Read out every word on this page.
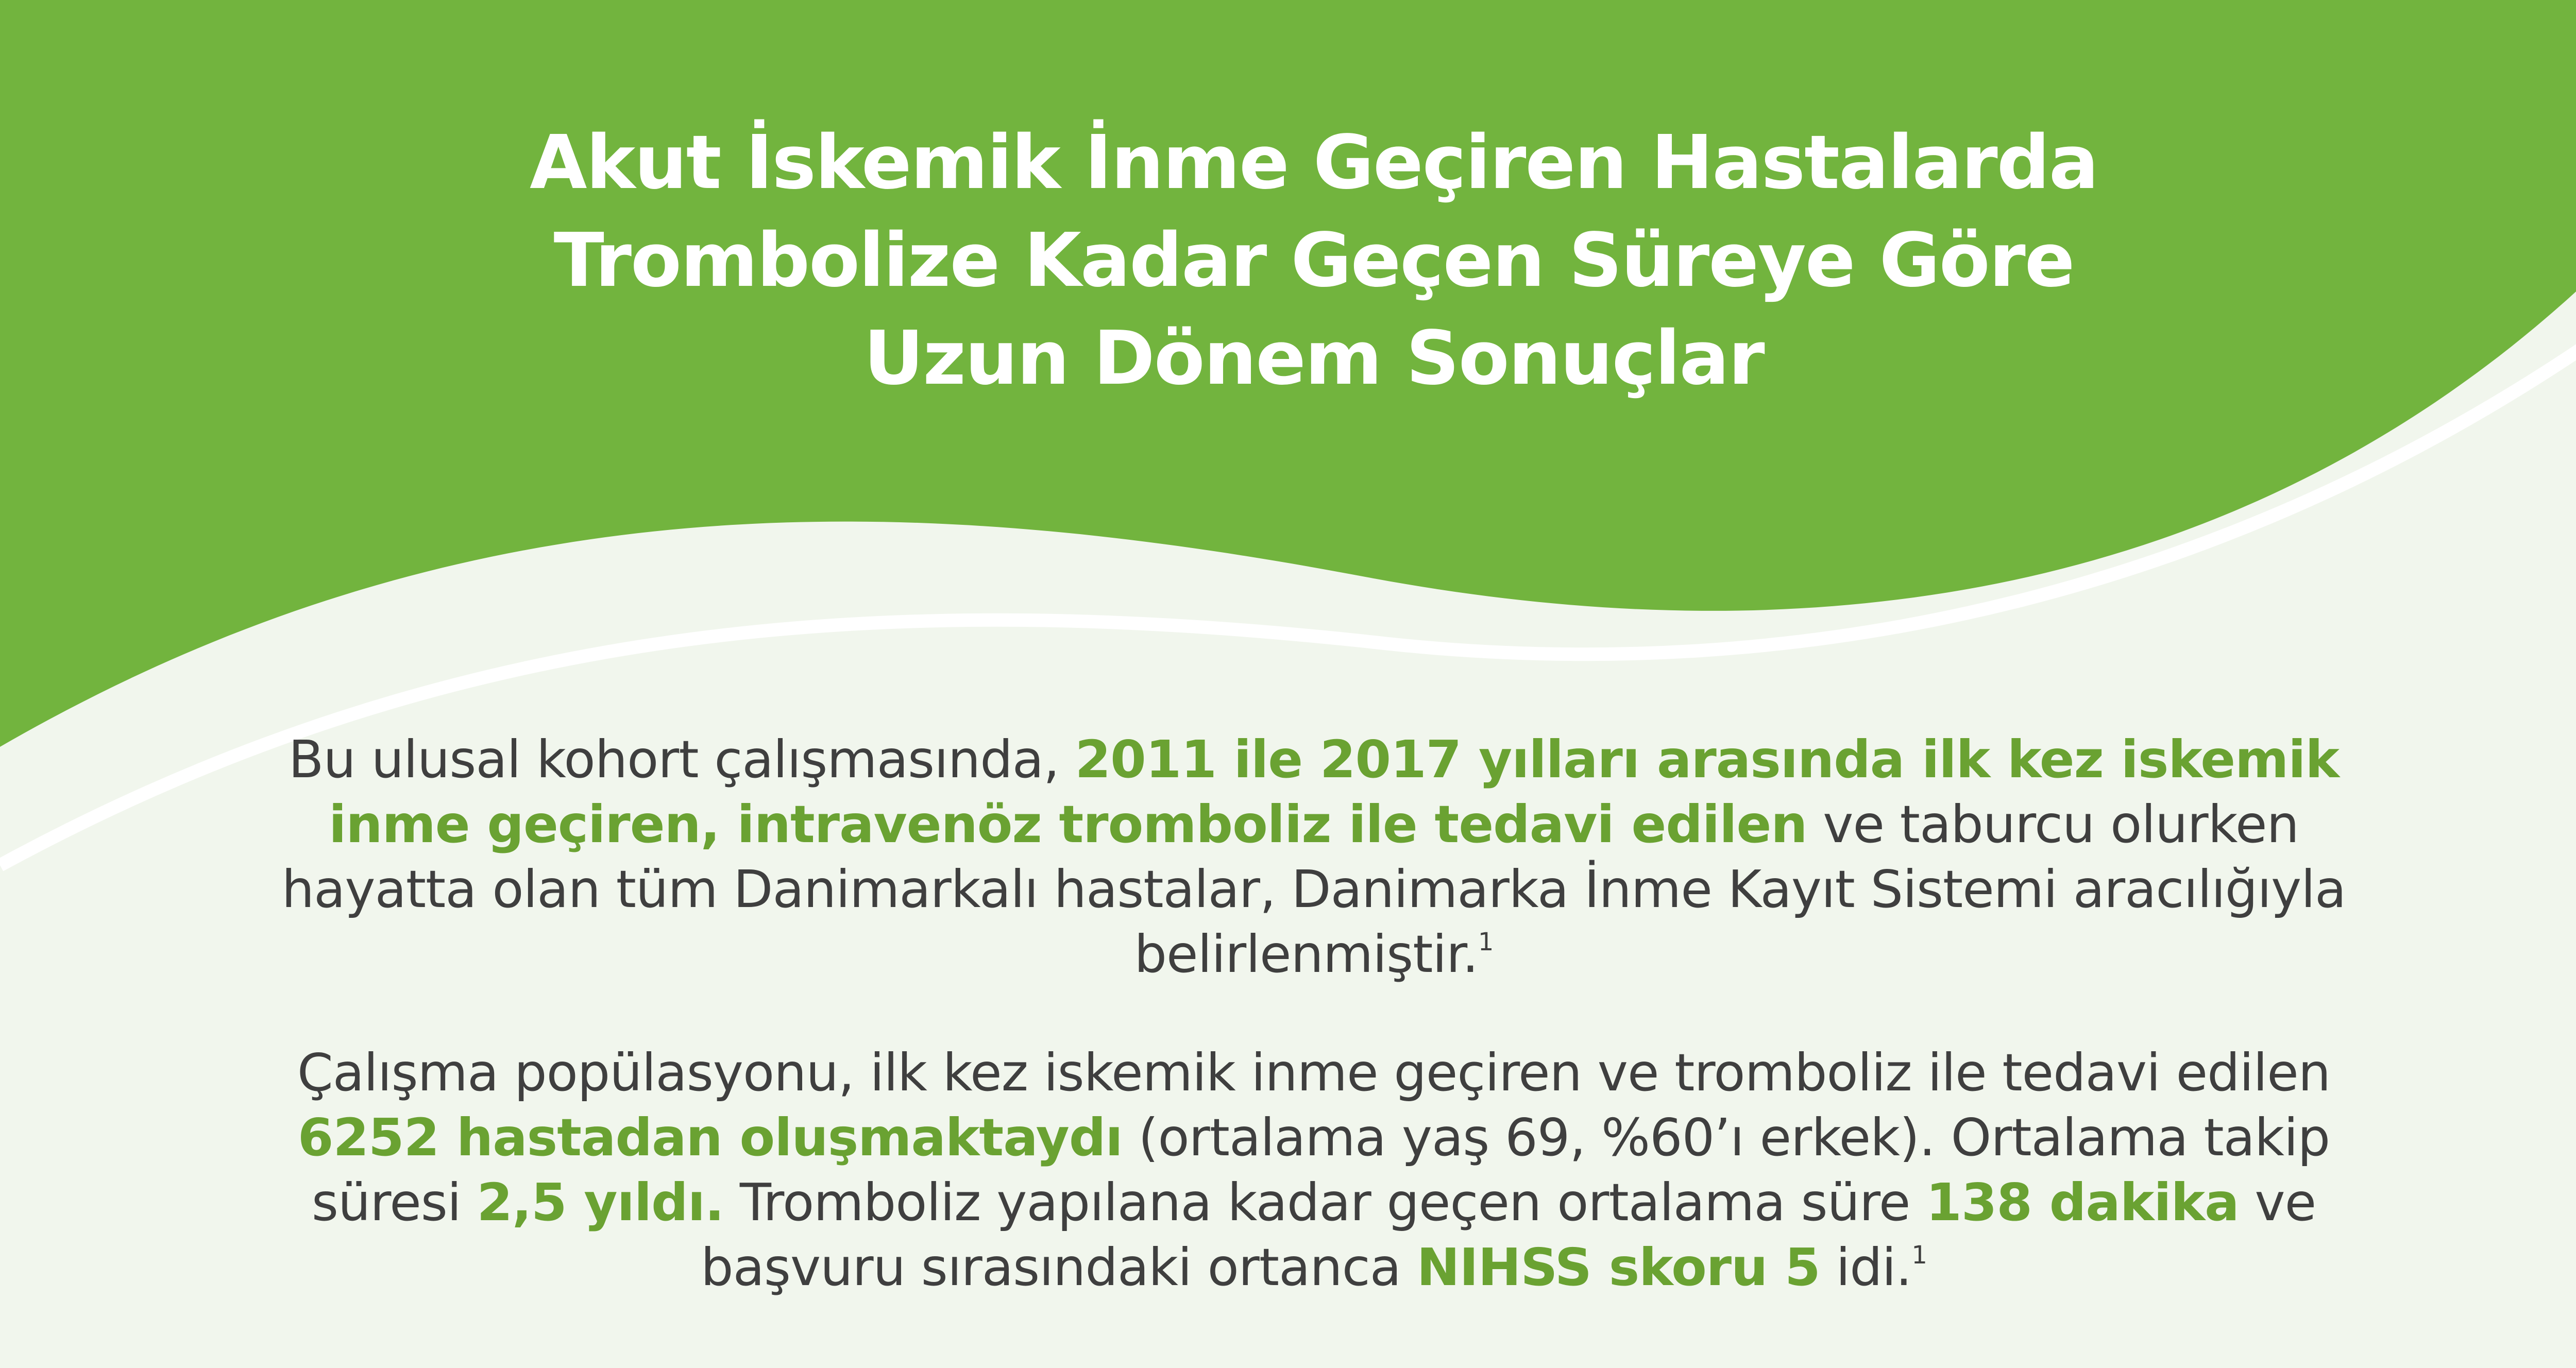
Akut İskemik İnme Geçiren Hastalarda
Trombolize Kadar Geçen Süreye Göre
Uzun Dönem Sonuçlar

Bu ulusal kohort çalışmasında, 2011 ile 2017 yılları arasında ilk kez iskemik inme geçiren, intravenöz tromboliz ile tedavi edilen ve taburcu olurken hayatta olan tüm Danimarkalı hastalar, Danimarka İnme Kayıt Sistemi aracılığıyla belirlenmiştir.$^1$

Çalışma popülasyonu, ilk kez iskemik inme geçiren ve tromboliz ile tedavi edilen 6252 hastadan oluşmaktaydı (ortalama yaş 69, %60’ı erkek). Ortalama takip süresi 2,5 yıldı. Tromboliz yapılana kadar geçen ortalama süre 138 dakika ve başvuru sırasındaki ortanca NIHSS skoru 5 idi.$^1$
